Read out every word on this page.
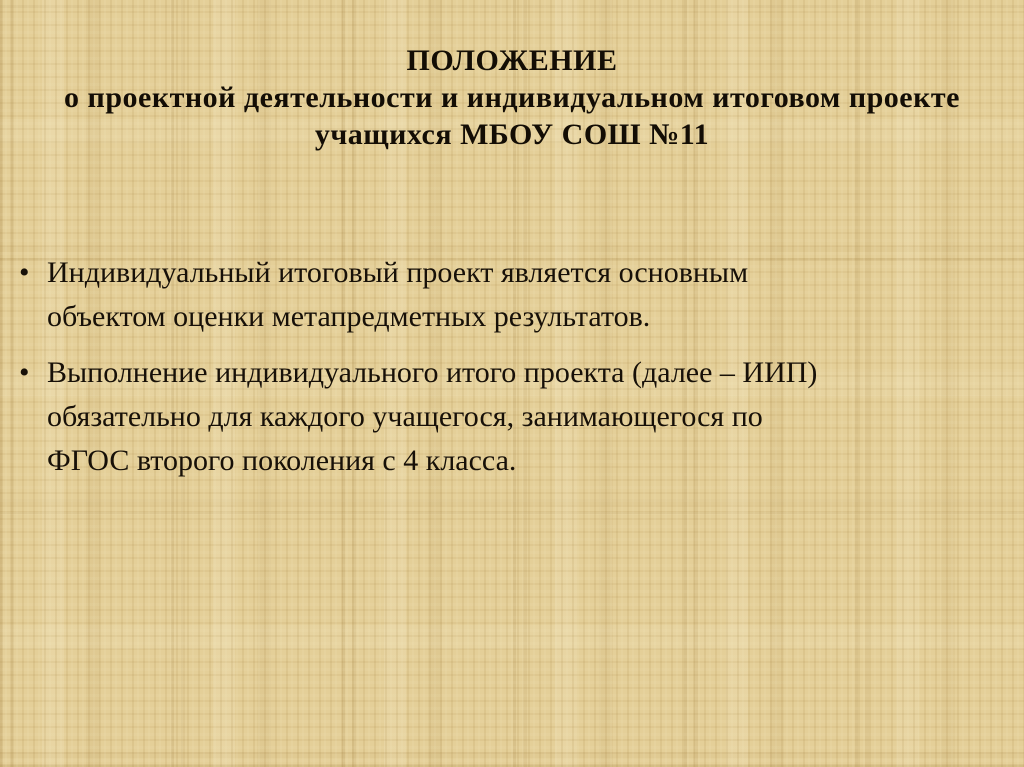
ПОЛОЖЕНИЕ
о проектной деятельности и индивидуальном итоговом проекте
учащихся МБОУ СОШ №11
• Индивидуальный итоговый проект является основным
объектом оценки метапредметных результатов.
• Выполнение индивидуального итого проекта (далее – ИИП)
обязательно для каждого учащегося, занимающегося по
ФГОС второго поколения с 4 класса.
